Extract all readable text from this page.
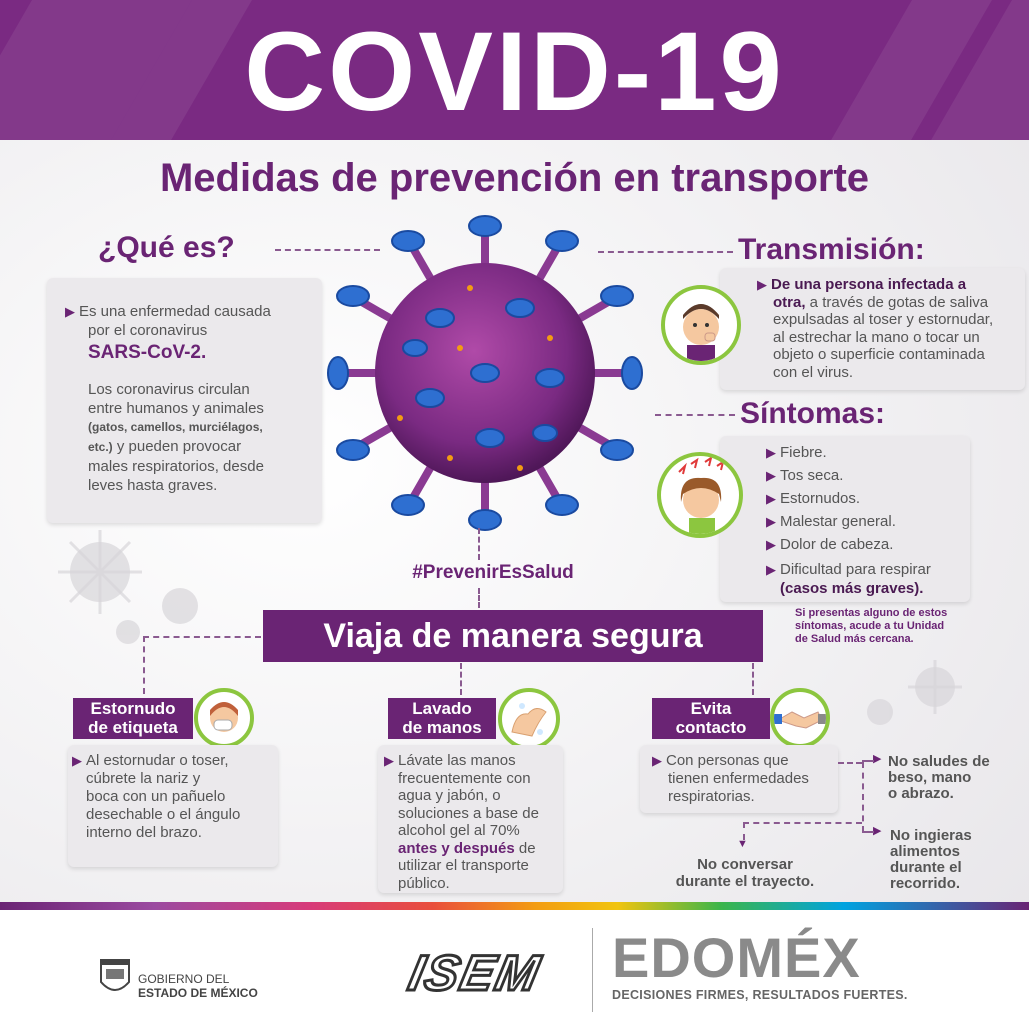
COVID-19
Medidas de prevención en transporte
¿Qué es?
▶ Es una enfermedad causada
por el coronavirus
SARS-CoV-2.
Los coronavirus circulan
entre humanos y animales
(gatos, camellos, murciélagos,
etc.) y pueden provocar
males respiratorios, desde
leves hasta graves.
Transmisión:
▶ De una persona infectada a
otra, a través de gotas de saliva
expulsadas al toser y estornudar,
al estrechar la mano o tocar un
objeto o superficie contaminada
con el virus.
Síntomas:
▶ Fiebre.
▶ Tos seca.
▶ Estornudos.
▶ Malestar general.
▶ Dolor de cabeza.
▶ Dificultad para respirar
(casos más graves).
Si presentas alguno de estos
síntomas, acude a tu Unidad
de Salud más cercana.
#PrevenirEsSalud
Viaja de manera segura
Estornudo
de etiqueta
▶ Al estornudar o toser,
cúbrete la nariz y
boca con un pañuelo
desechable o el ángulo
interno del brazo.
Lavado
de manos
▶ Lávate las manos
frecuentemente con
agua y jabón, o
soluciones a base de
alcohol gel al 70%
antes y después de
utilizar el transporte
público.
Evita
contacto
▶ Con personas que
tienen enfermedades
respiratorias.
▶
▶
No saludes de
beso, mano
o abrazo.
No ingieras
alimentos
durante el
recorrido.
▼
No conversar
durante el trayecto.
GOBIERNO DEL
ESTADO DE MÉXICO	ISEM	EDOMÉX
DECISIONES FIRMES, RESULTADOS FUERTES.
